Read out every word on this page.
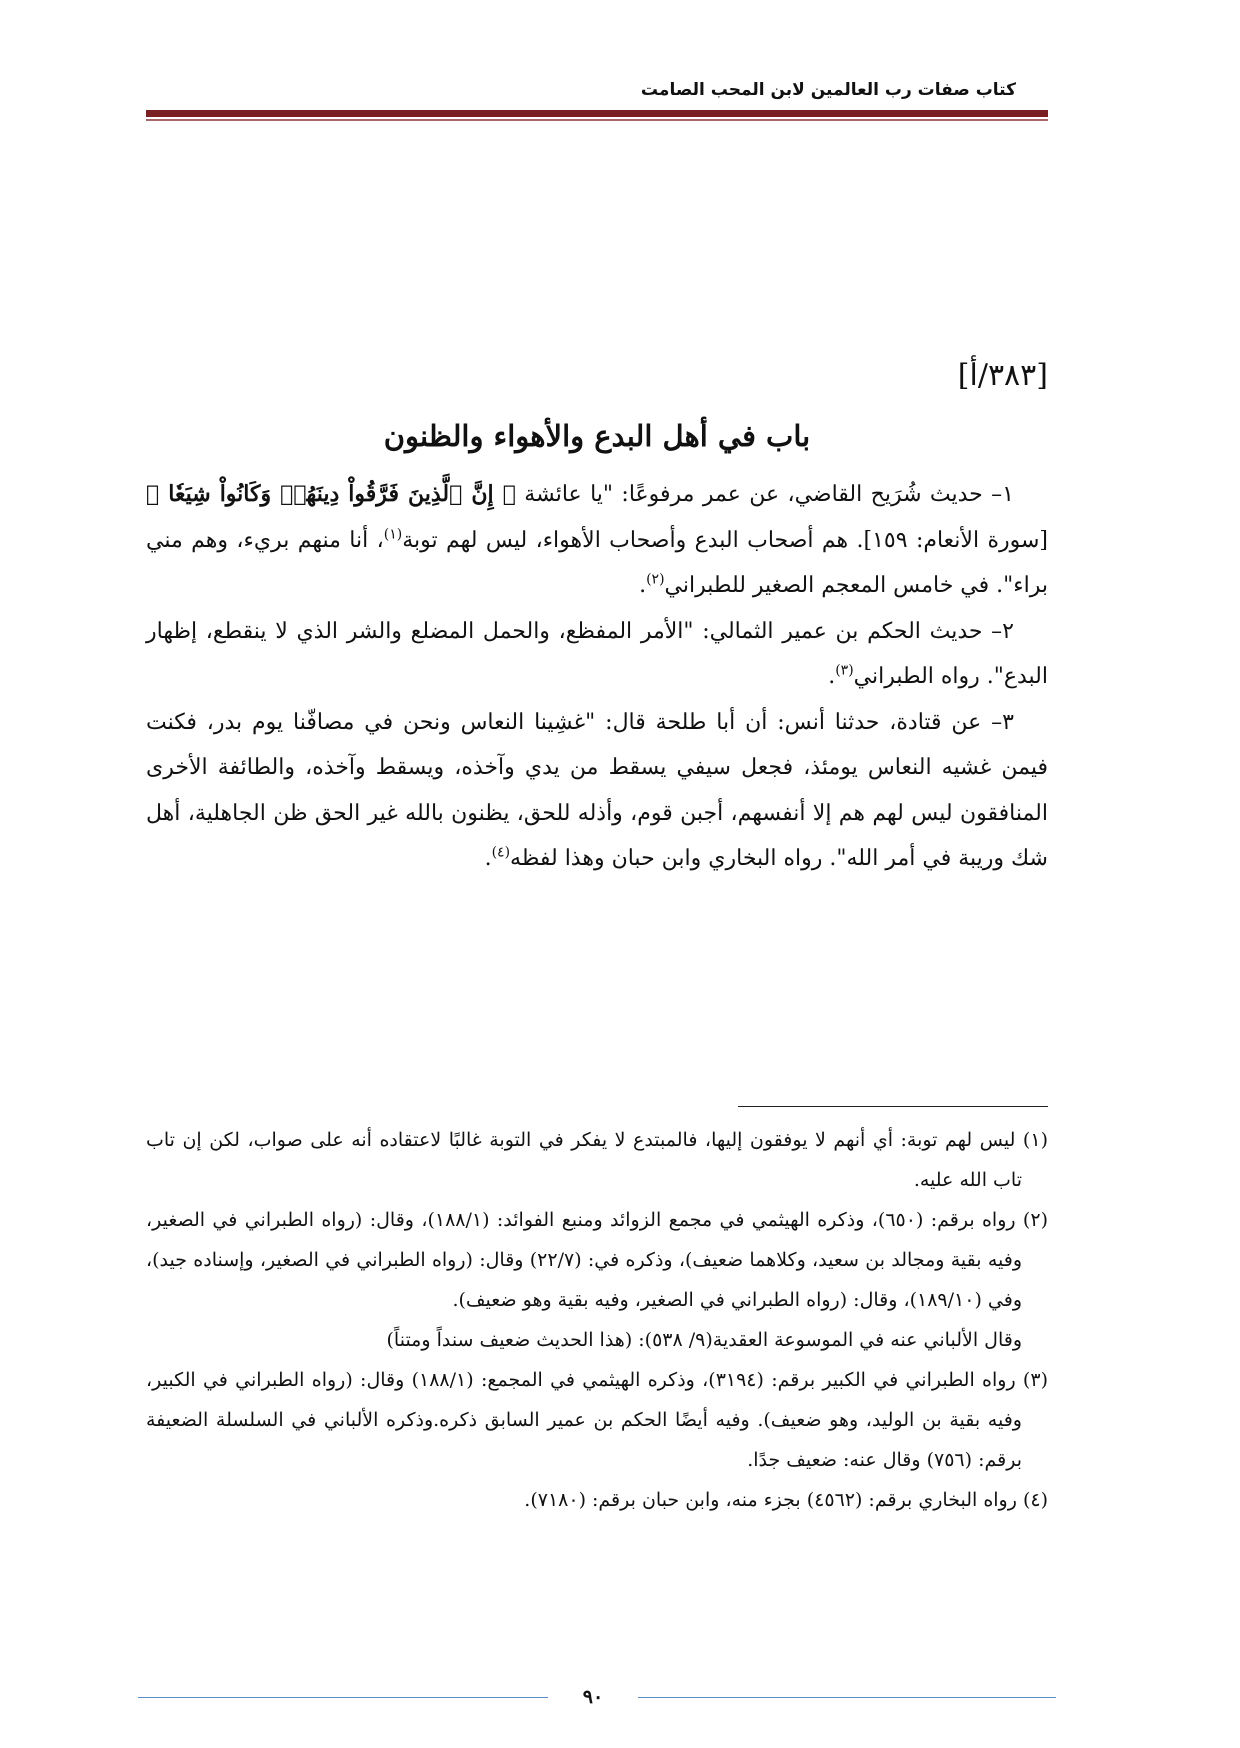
كتاب صفات رب العالمين لابن المحب الصامت
[٣٨٣/أ]
باب في أهل البدع والأهواء والظنون

١– حديث شُرَيح القاضي، عن عمر مرفوعًا: "يا عائشة ﴿ إِنَّ ٱلَّذِينَ فَرَّقُواْ دِينَهُمۡ وَكَانُواْ شِيَعٗا ﴾ [سورة الأنعام: ١٥٩]. هم أصحاب البدع وأصحاب الأهواء، ليس لهم توبة$^{(١)}$، أنا منهم بريء، وهم مني براء". في خامس المعجم الصغير للطبراني$^{(٢)}$.

٢– حديث الحكم بن عمير الثمالي: "الأمر المفظع، والحمل المضلع والشر الذي لا ينقطع، إظهار البدع". رواه الطبراني$^{(٣)}$.

٣– عن قتادة، حدثنا أنس: أن أبا طلحة قال: "غشِينا النعاس ونحن في مصافّنا يوم بدر، فكنت فيمن غشيه النعاس يومئذ، فجعل سيفي يسقط من يدي وآخذه، ويسقط وآخذه، والطائفة الأخرى المنافقون ليس لهم هم إلا أنفسهم، أجبن قوم، وأذله للحق، يظنون بالله غير الحق ظن الجاهلية، أهل شك وريبة في أمر الله". رواه البخاري وابن حبان وهذا لفظه$^{(٤)}$.

(١) ليس لهم توبة: أي أنهم لا يوفقون إليها، فالمبتدع لا يفكر في التوبة غالبًا لاعتقاده أنه على صواب، لكن إن تاب تاب الله عليه.

(٢) رواه برقم: (٦٥٠)، وذكره الهيثمي في مجمع الزوائد ومنبع الفوائد: (١٨٨/١)، وقال: (رواه الطبراني في الصغير، وفيه بقية ومجالد بن سعيد، وكلاهما ضعيف)، وذكره في: (٢٢/٧) وقال: (رواه الطبراني في الصغير، وإسناده جيد)، وفي (١٨٩/١٠)، وقال: (رواه الطبراني في الصغير، وفيه بقية وهو ضعيف).

وقال الألباني عنه في الموسوعة العقدية(٩/ ٥٣٨): (هذا الحديث ضعيف سنداً ومتناً)

(٣) رواه الطبراني في الكبير برقم: (٣١٩٤)، وذكره الهيثمي في المجمع: (١٨٨/١) وقال: (رواه الطبراني في الكبير، وفيه بقية بن الوليد، وهو ضعيف). وفيه أيضًا الحكم بن عمير السابق ذكره.وذكره الألباني في السلسلة الضعيفة برقم: (٧٥٦) وقال عنه: ضعيف جدًا.

(٤) رواه البخاري برقم: (٤٥٦٢) بجزء منه، وابن حبان برقم: (٧١٨٠).

٩٠
